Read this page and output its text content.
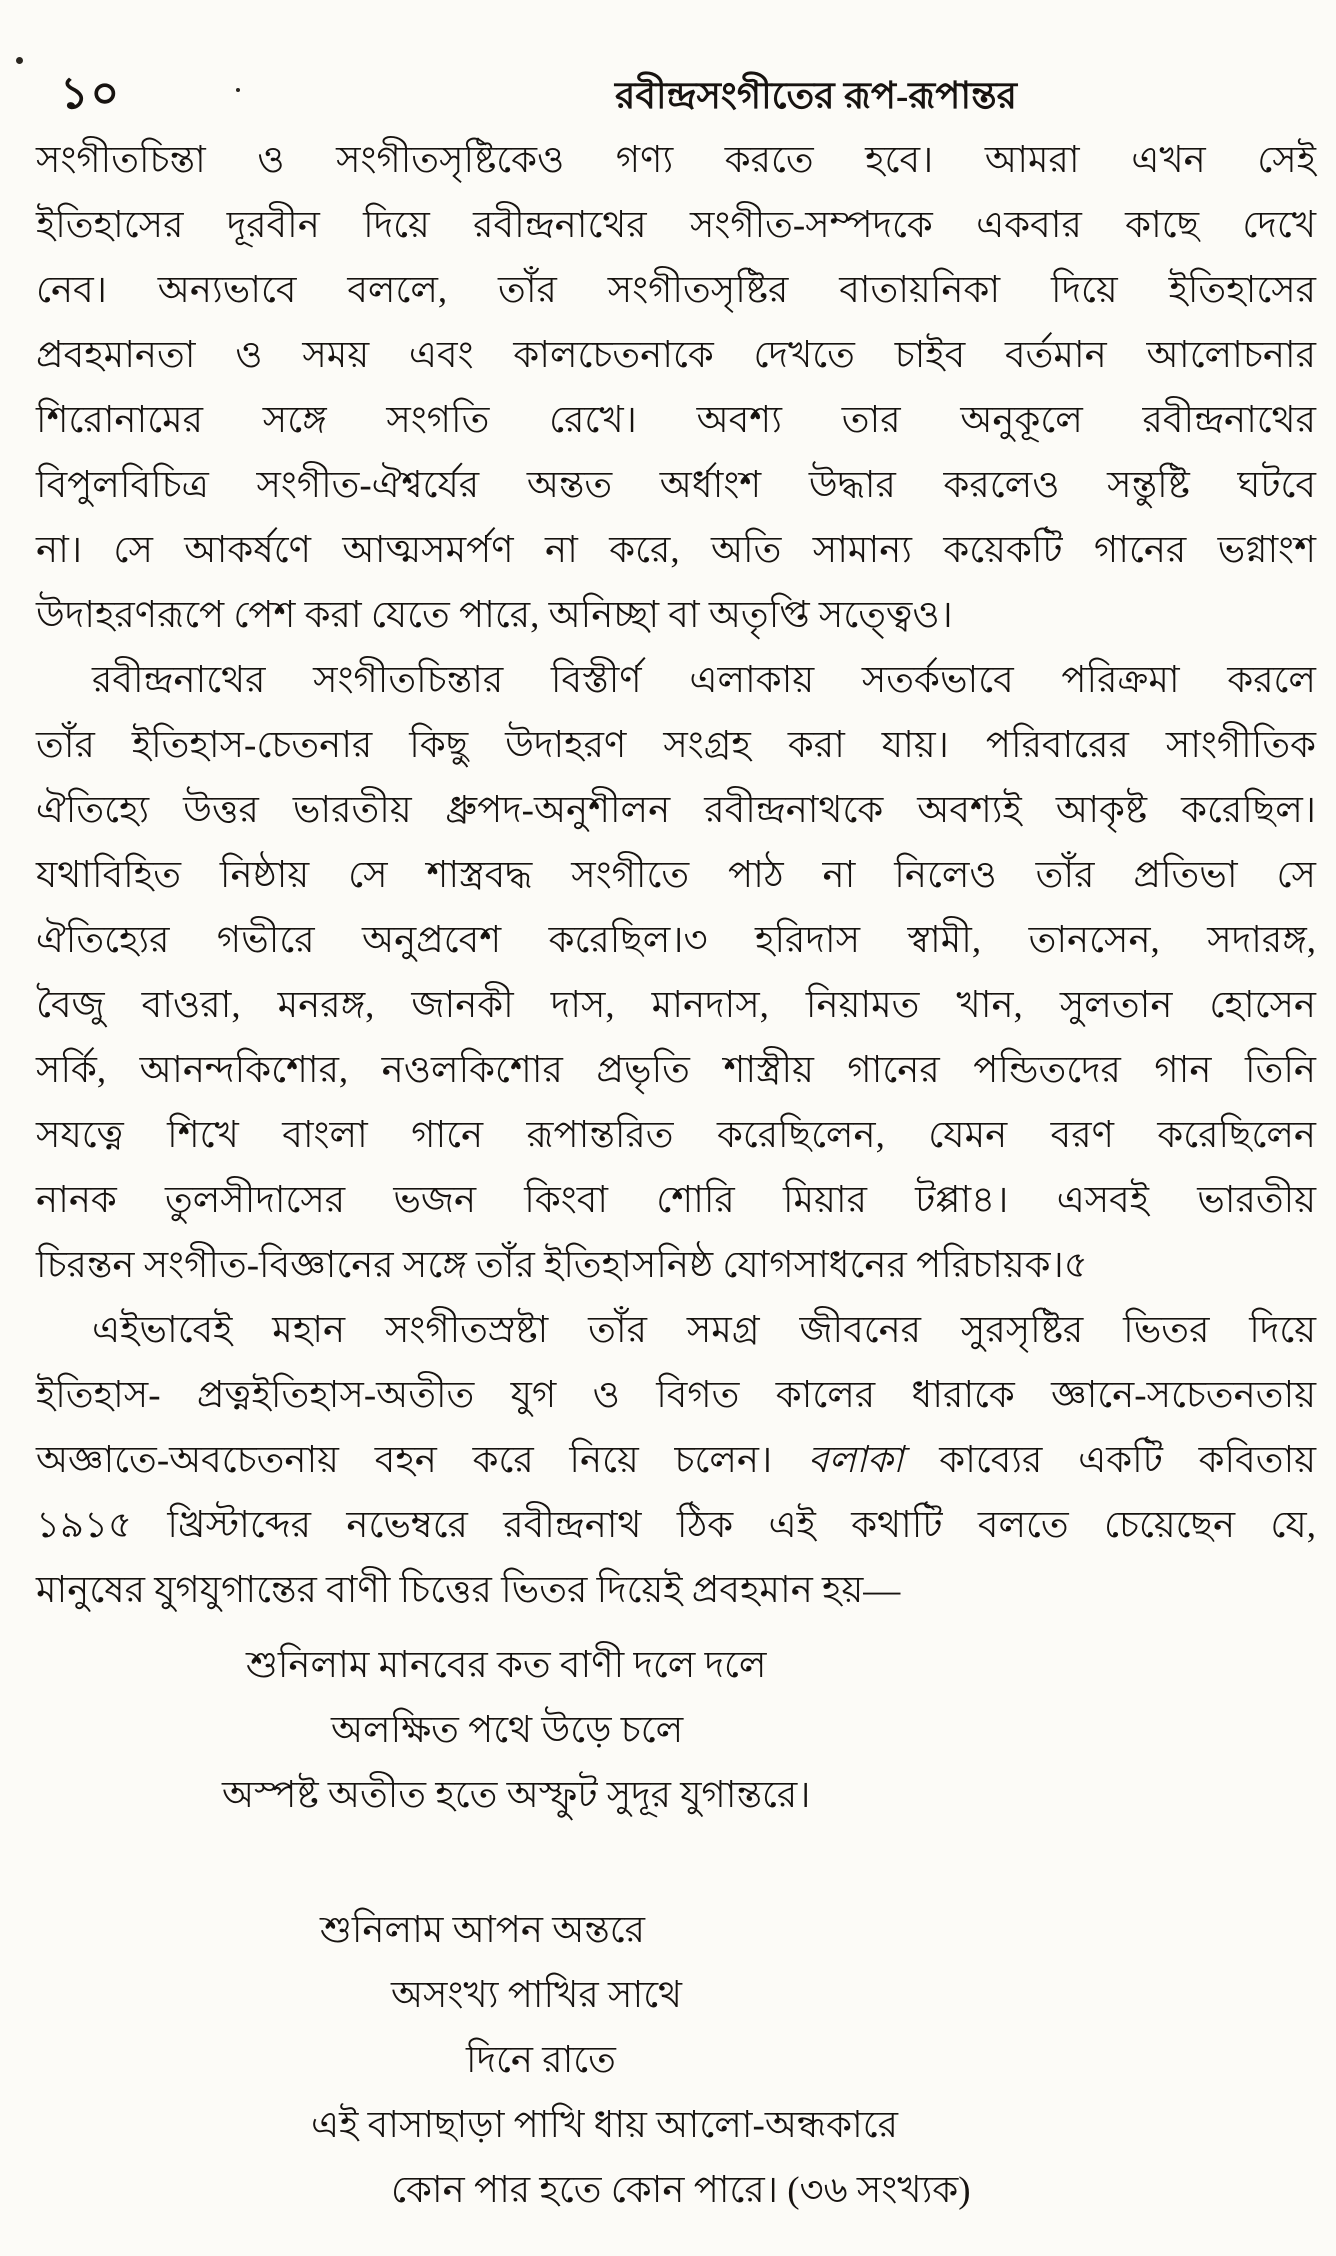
১০	রবীন্দ্রসংগীতের রূপ-রূপান্তর
সংগীতচিন্তা ও সংগীতসৃষ্টিকেও গণ্য করতে হবে। আমরা এখন সেই
ইতিহাসের দূরবীন দিয়ে রবীন্দ্রনাথের সংগীত-সম্পদকে একবার কাছে দেখে
নেব। অন্যভাবে বললে, তাঁর সংগীতসৃষ্টির বাতায়নিকা দিয়ে ইতিহাসের
প্রবহমানতা ও সময় এবং কালচেতনাকে দেখতে চাইব বর্তমান আলোচনার
শিরোনামের সঙ্গে সংগতি রেখে। অবশ্য তার অনুকূলে রবীন্দ্রনাথের
বিপুলবিচিত্র সংগীত-ঐশ্বর্যের অন্তত অর্ধাংশ উদ্ধার করলেও সন্তুষ্টি ঘটবে
না। সে আকর্ষণে আত্মসমর্পণ না করে, অতি সামান্য কয়েকটি গানের ভগ্নাংশ
উদাহরণরূপে পেশ করা যেতে পারে, অনিচ্ছা বা অতৃপ্তি সত্ত্বেও।
রবীন্দ্রনাথের সংগীতচিন্তার বিস্তীর্ণ এলাকায় সতর্কভাবে পরিক্রমা করলে
তাঁর ইতিহাস-চেতনার কিছু উদাহরণ সংগ্রহ করা যায়। পরিবারের সাংগীতিক
ঐতিহ্যে উত্তর ভারতীয় ধ্রুপদ-অনুশীলন রবীন্দ্রনাথকে অবশ্যই আকৃষ্ট করেছিল।
যথাবিহিত নিষ্ঠায় সে শাস্ত্রবদ্ধ সংগীতে পাঠ না নিলেও তাঁর প্রতিভা সে
ঐতিহ্যের গভীরে অনুপ্রবেশ করেছিল।৩ হরিদাস স্বামী, তানসেন, সদারঙ্গ,
বৈজু বাওরা, মনরঙ্গ, জানকী দাস, মানদাস, নিয়ামত খান, সুলতান হোসেন
সর্কি, আনন্দকিশোর, নওলকিশোর প্রভৃতি শাস্ত্রীয় গানের পন্ডিতদের গান তিনি
সযত্নে শিখে বাংলা গানে রূপান্তরিত করেছিলেন, যেমন বরণ করেছিলেন
নানক তুলসীদাসের ভজন কিংবা শোরি মিয়ার টপ্পা৪। এসবই ভারতীয়
চিরন্তন সংগীত-বিজ্ঞানের সঙ্গে তাঁর ইতিহাসনিষ্ঠ যোগসাধনের পরিচায়ক।৫
এইভাবেই মহান সংগীতস্রষ্টা তাঁর সমগ্র জীবনের সুরসৃষ্টির ভিতর দিয়ে
ইতিহাস- প্রত্নইতিহাস-অতীত যুগ ও বিগত কালের ধারাকে জ্ঞানে-সচেতনতায়
অজ্ঞাতে-অবচেতনায় বহন করে নিয়ে চলেন। বলাকা কাব্যের একটি কবিতায়
১৯১৫ খ্রিস্টাব্দের নভেম্বরে রবীন্দ্রনাথ ঠিক এই কথাটি বলতে চেয়েছেন যে,
মানুষের যুগযুগান্তের বাণী চিত্তের ভিতর দিয়েই প্রবহমান হয়—
শুনিলাম মানবের কত বাণী দলে দলে
অলক্ষিত পথে উড়ে চলে
অস্পষ্ট অতীত হতে অস্ফুট সুদূর যুগান্তরে।
শুনিলাম আপন অন্তরে
অসংখ্য পাখির সাথে
দিনে রাতে
এই বাসাছাড়া পাখি ধায় আলো-অন্ধকারে
কোন পার হতে কোন পারে। (৩৬ সংখ্যক)
